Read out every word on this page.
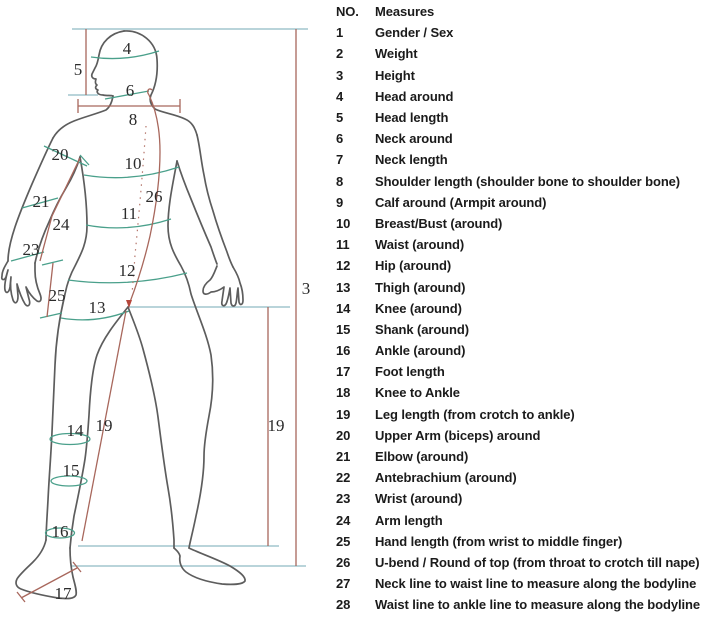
4
5
6
8
20	10
26
21
11
24
23
12
25
13
3
14 19	19
15
16
17
NO.	Measures
1	Gender / Sex
2	Weight
3	Height
4	Head around
5	Head length
6	Neck around
7	Neck length
8	Shoulder length (shoulder bone to shoulder bone)
9	Calf around (Armpit around)
10	Breast/Bust (around)
11	Waist (around)
12	Hip (around)
13	Thigh (around)
14	Knee (around)
15	Shank (around)
16	Ankle (around)
17	Foot length
18	Knee to Ankle
19	Leg length (from crotch to ankle)
20	Upper Arm (biceps) around
21	Elbow (around)
22	Antebrachium (around)
23	Wrist (around)
24	Arm length
25	Hand length (from wrist to middle finger)
26	U-bend / Round of top (from throat to crotch till nape)
27	Neck line to waist line to measure along the bodyline
28	Waist line to ankle line to measure along the bodyline
